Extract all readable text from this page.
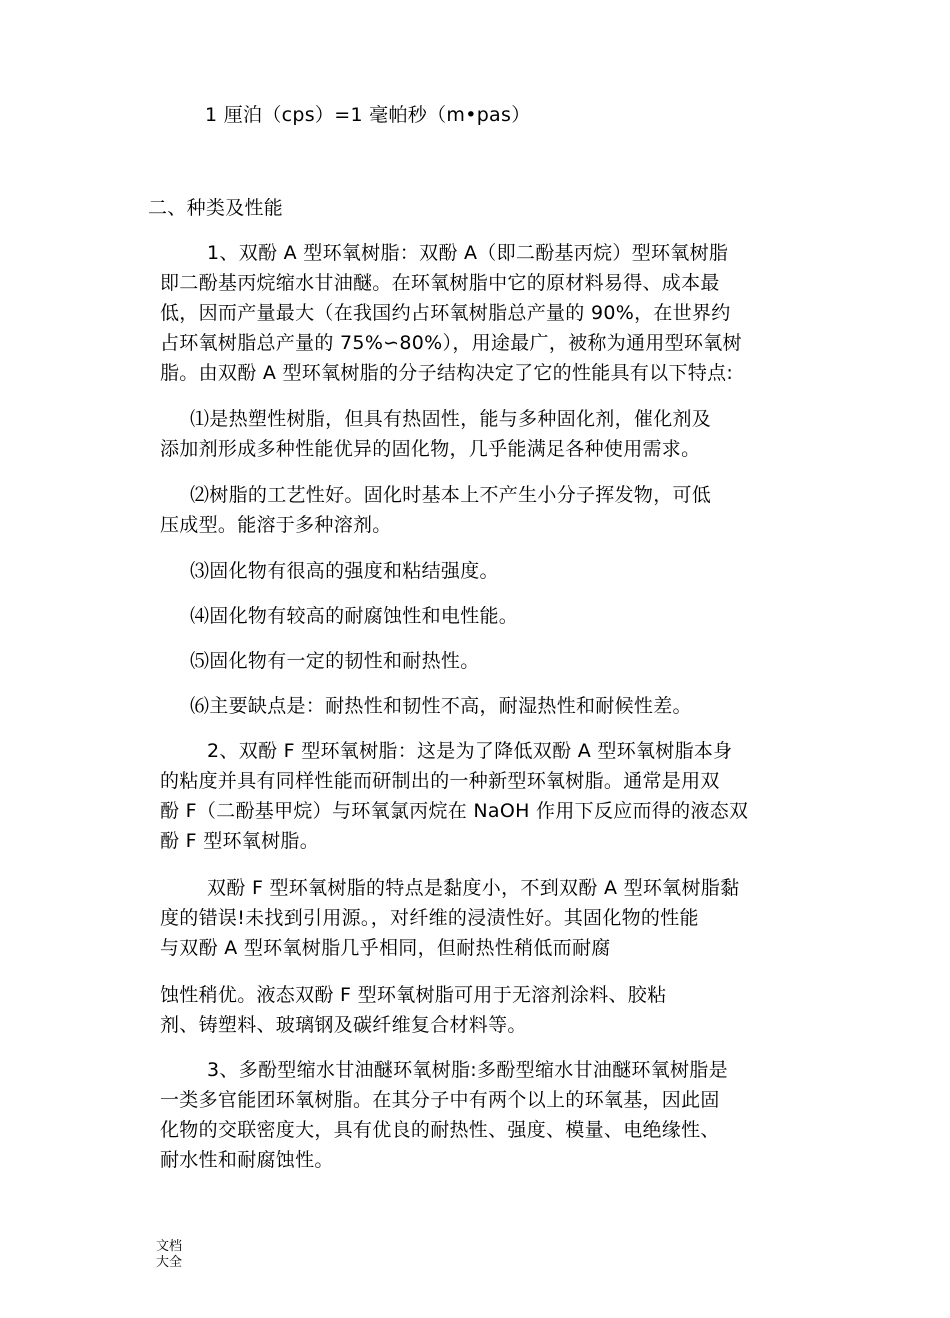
1 厘泊（cps）=1 毫帕秒（m•pas）
二、种类及性能
1、双酚 A 型环氧树脂：双酚 A（即二酚基丙烷）型环氧树脂
即二酚基丙烷缩水甘油醚。在环氧树脂中它的原材料易得、成本最
低，因而产量最大（在我国约占环氧树脂总产量的 90%，在世界约
占环氧树脂总产量的 75%∽80%），用途最广，被称为通用型环氧树
脂。由双酚 A 型环氧树脂的分子结构决定了它的性能具有以下特点:
⑴是热塑性树脂，但具有热固性，能与多种固化剂，催化剂及
添加剂形成多种性能优异的固化物，几乎能满足各种使用需求。
⑵树脂的工艺性好。固化时基本上不产生小分子挥发物，可低
压成型。能溶于多种溶剂。
⑶固化物有很高的强度和粘结强度。
⑷固化物有较高的耐腐蚀性和电性能。
⑸固化物有一定的韧性和耐热性。
⑹主要缺点是：耐热性和韧性不高，耐湿热性和耐候性差。
2、双酚 F 型环氧树脂：这是为了降低双酚 A 型环氧树脂本身
的粘度并具有同样性能而研制出的一种新型环氧树脂。通常是用双
酚 F（二酚基甲烷）与环氧氯丙烷在 NaOH 作用下反应而得的液态双
酚 F 型环氧树脂。
双酚 F 型环氧树脂的特点是黏度小，不到双酚 A 型环氧树脂黏
度的错误!未找到引用源。，对纤维的浸渍性好。其固化物的性能
与双酚 A 型环氧树脂几乎相同，但耐热性稍低而耐腐
蚀性稍优。液态双酚 F 型环氧树脂可用于无溶剂涂料、胶粘
剂、铸塑料、玻璃钢及碳纤维复合材料等。
3、多酚型缩水甘油醚环氧树脂:多酚型缩水甘油醚环氧树脂是
一类多官能团环氧树脂。在其分子中有两个以上的环氧基，因此固
化物的交联密度大，具有优良的耐热性、强度、模量、电绝缘性、
耐水性和耐腐蚀性。
文档
大全
